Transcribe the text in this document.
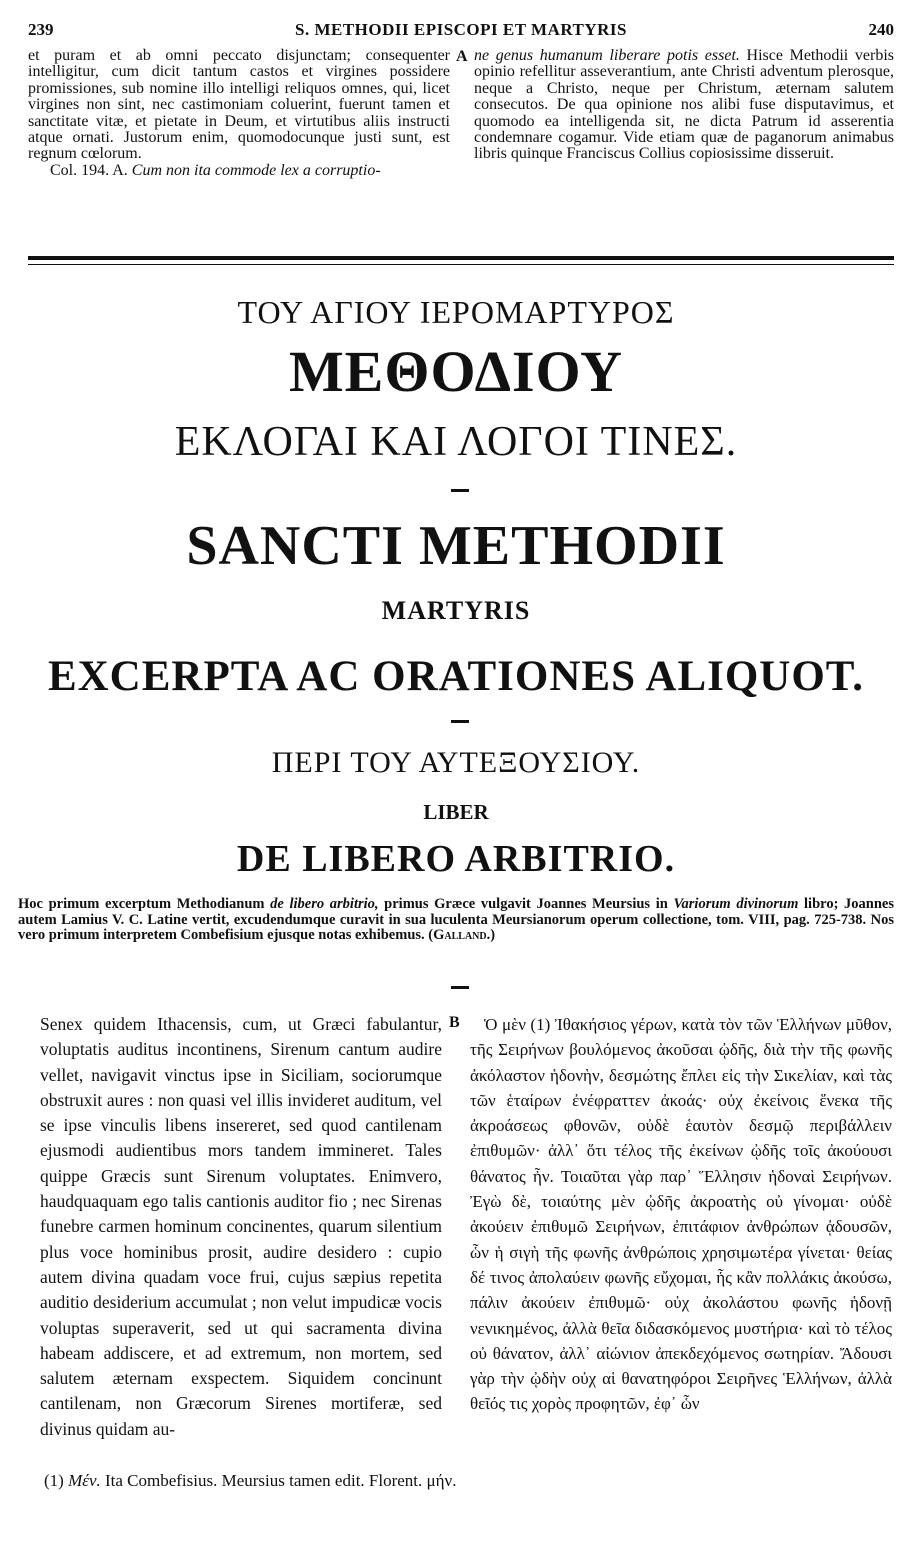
239	S. METHODII EPISCOPI ET MARTYRIS	240

et puram et ab omni peccato disjunctam; consequenter intelligitur, cum dicit tantum castos et virgines possidere promissiones, sub nomine illo intelligi reliquos omnes, qui, licet virgines non sint, nec castimoniam coluerint, fuerunt tamen et sanctitate vitæ, et pietate in Deum, et virtutibus aliis instructi atque ornati. Justorum enim, quomodocunque justi sunt, est regnum cœlorum.

Col. 194. A. Cum non ita commode lex a corruptio-

A ne genus humanum liberare potis esset. Hisce Methodii verbis opinio refellitur asseverantium, ante Christi adventum plerosque, neque a Christo, neque per Christum, æternam salutem consecutos. De qua opinione nos alibi fuse disputavimus, et quomodo ea intelligenda sit, ne dicta Patrum id asserentia condemnare cogamur. Vide etiam quæ de paganorum animabus libris quinque Franciscus Collius copiosissime disseruit.

ΤΟΥ ΑΓΙΟΥ ΙΕΡΟΜΑΡΤΥΡΟΣ
ΜΕΘΟΔΙΟΥ
ΕΚΛΟΓΑΙ ΚΑΙ ΛΟΓΟΙ ΤΙΝΕΣ.
SANCTI METHODII
MARTYRIS
EXCERPTA AC ORATIONES ALIQUOT.
ΠΕΡΙ ΤΟΥ ΑΥΤΕΞΟΥΣΙΟΥ.
LIBER
DE LIBERO ARBITRIO.
Hoc primum excerptum Methodianum de libero arbitrio, primus Græce vulgavit Joannes Meursius in Variorum divinorum libro; Joannes autem Lamius V. C. Latine vertit, excudendumque curavit in sua luculenta Meursianorum operum collectione, tom. VIII, pag. 725-738. Nos vero primum interpretem Combefisium ejusque notas exhibemus. (Galland.)

Senex quidem Ithacensis, cum, ut Græci fabulantur, voluptatis auditus incontinens, Sirenum cantum audire vellet, navigavit vinctus ipse in Siciliam, sociorumque obstruxit aures : non quasi vel illis invideret auditum, vel se ipse vinculis libens insereret, sed quod cantilenam ejusmodi audientibus mors tandem immineret. Tales quippe Græcis sunt Sirenum voluptates. Enimvero, haudquaquam ego talis cantionis auditor fio ; nec Sirenas funebre carmen hominum concinentes, quarum silentium plus voce hominibus prosit, audire desidero : cupio autem divina quadam voce frui, cujus sæpius repetita auditio desiderium accumulat ; non velut impudicæ vocis voluptas superaverit, sed ut qui sacramenta divina habeam addiscere, et ad extremum, non mortem, sed salutem æternam exspectem. Siquidem concinunt cantilenam, non Græcorum Sirenes mortiferæ, sed divinus quidam au-

B	Ὁ μὲν (1) Ἰθακήσιος γέρων, κατὰ τὸν τῶν Ἑλλήνων μῦθον, τῆς Σειρήνων βουλόμενος ἀκοῦσαι ᾠδῆς, διὰ τὴν τῆς φωνῆς ἀκόλαστον ἡδονὴν, δεσμώτης ἔπλει εἰς τὴν Σικελίαν, καὶ τὰς τῶν ἑταίρων ἐνέφραττεν ἀκοάς· οὐχ ἐκείνοις ἕνεκα τῆς ἀκροάσεως φθονῶν, οὐδὲ ἑαυτὸν δεσμῷ περιβάλλειν ἐπιθυμῶν· ἀλλ᾽ ὅτι τέλος τῆς ἐκείνων ᾠδῆς τοῖς ἀκούουσι θάνατος ἦν. Τοιαῦται γὰρ παρ᾽ Ἕλλησιν ἡδοναὶ Σειρήνων. Ἐγὼ δὲ, τοιαύτης μὲν ᾠδῆς ἀκροατὴς οὐ γίνομαι· οὐδὲ ἀκούειν ἐπιθυμῶ Σειρήνων, ἐπιτάφιον ἀνθρώπων ᾀδουσῶν, ὧν ἡ σιγὴ τῆς φωνῆς ἀνθρώποις χρησιμωτέρα γίνεται· θείας δέ τινος ἀπολαύειν φωνῆς εὔχομαι, ἧς κἂν πολλάκις ἀκούσω, πάλιν ἀκούειν ἐπιθυμῶ· οὐχ ἀκολάστου φωνῆς ἡδονῇ νενικημένος, ἀλλὰ θεῖα διδασκόμενος μυστήρια· καὶ τὸ τέλος οὐ θάνατον, ἀλλ᾽ αἰώνιον ἀπεκδεχόμενος σωτηρίαν. Ἄδουσι γὰρ τὴν ᾠδὴν οὐχ αἱ θανατηφόροι Σειρῆνες Ἑλλήνων, ἀλλὰ θεῖός τις χορὸς προφητῶν, ἐφ᾽ ὧν

(1) Μέν. Ita Combefisius. Meursius tamen edit. Florent. μήν.
